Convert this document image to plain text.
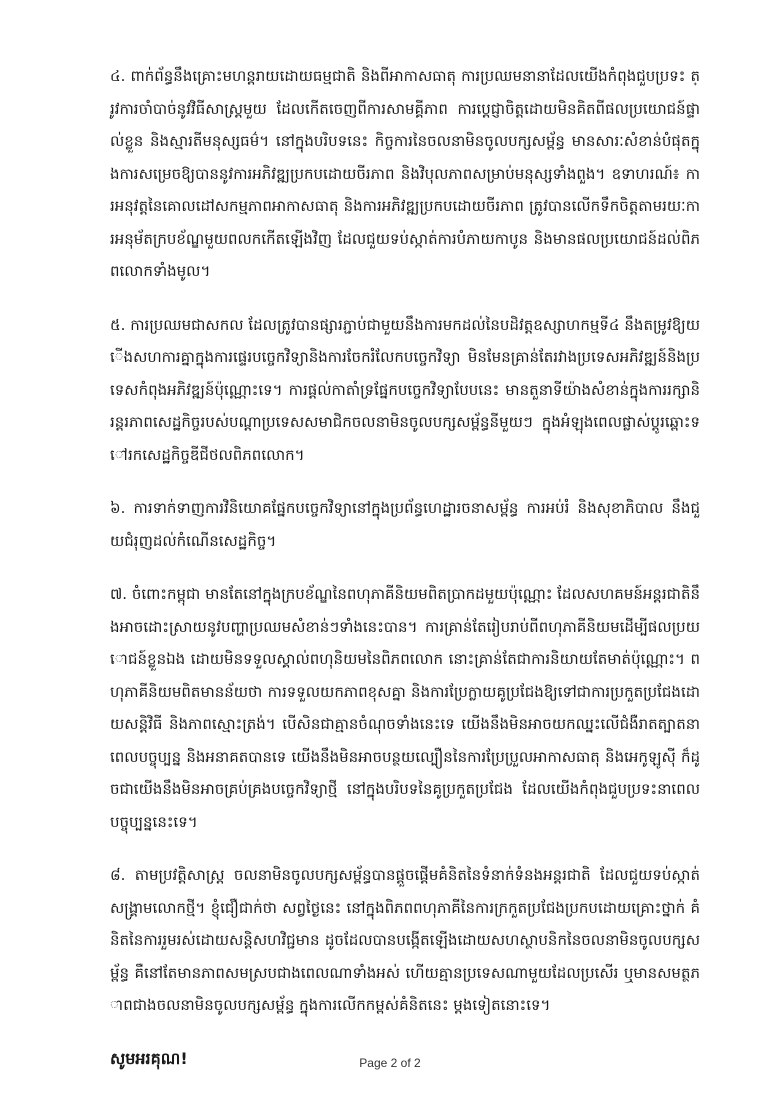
៤. ពាក់ព័ន្ធនឹងគ្រោះមហន្តរាយដោយធម្មជាតិ និងពីអាកាសធាតុ ការប្រឈមនានាដែលយើងកំពុងជួបប្រទះ ត្រូវការចាំបាច់នូវវិធីសាស្ត្រមួយ ដែលកើតចេញពីការសាមគ្គីភាព ការប្តេជ្ញាចិត្តដោយមិនគិតពីផលប្រយោជន៍ផ្ទាល់ខ្លួន និងស្មារតីមនុស្សធម៌។ នៅក្នុងបរិបទនេះ កិច្ចការនៃចលនាមិនចូលបក្សសម្ព័ន្ធ មានសារៈសំខាន់បំផុតក្នុងការសម្រេចឱ្យបាននូវការអភិវឌ្ឍប្រកបដោយចីរភាព និងវិបុលភាពសម្រាប់មនុស្សទាំងពួង។ ឧទាហរណ៍៖ ការអនុវត្តនៃគោលដៅសកម្មភាពអាកាសធាតុ និងការអភិវឌ្ឍប្រកបដោយចីរភាព ត្រូវបានលើកទឹកចិត្តតាមរយៈការអនុម័តក្របខ័ណ្ឌមួយពលកកើតឡើងវិញ ដែលជួយទប់ស្កាត់ការបំភាយកាបូន និងមានផលប្រយោជន៍ដល់ពិភពលោកទាំងមូល។

៥. ការប្រឈមជាសកល ដែលត្រូវបានផ្សារភ្ជាប់ជាមួយនឹងការមកដល់នៃបដិវត្តឧស្សាហកម្មទី៤ នឹងតម្រូវឱ្យយើងសហការគ្នាក្នុងការផ្ទេរបច្ចេកវិទ្យានិងការចែករំលែកបច្ចេកវិទ្យា មិនមែនគ្រាន់តែរវាងប្រទេសអភិវឌ្ឍន៍និងប្រទេសកំពុងអភិវឌ្ឍន៍ប៉ុណ្ណោះទេ។ ការផ្តល់កាតាំទ្រផ្នែកបច្ចេកវិទ្យាបែបនេះ មានតួនាទីយ៉ាងសំខាន់ក្នុងការរក្សានិរន្តរភាពសេដ្ឋកិច្ចរបស់បណ្តាប្រទេសសមាជិកចលនាមិនចូលបក្សសម្ព័ន្ធនីមួយៗ ក្នុងអំឡុងពេលផ្លាស់ប្តូរឆ្ពោះទៅរកសេដ្ឋកិច្ចឌីជីថលពិភពលោក។

៦. ការទាក់ទាញការវិនិយោគផ្នែកបច្ចេកវិទ្យានៅក្នុងប្រព័ន្ធហេដ្ឋារចនាសម្ព័ន្ធ ការអប់រំ និងសុខាភិបាល នឹងជួយជំរុញដល់កំណើនសេដ្ឋកិច្ច។

៧. ចំពោះកម្ពុជា មានតែនៅក្នុងក្របខ័ណ្ឌនៃពហុភាគីនិយមពិតប្រាកដមួយប៉ុណ្ណោះ ដែលសហគមន៍អន្តរជាតិនឹងអាចដោះស្រាយនូវបញ្ហាប្រឈមសំខាន់ៗទាំងនេះបាន។ ការគ្រាន់តែរៀបរាប់ពីពហុភាគីនិយមដើម្បីផលប្រយោជន៍ខ្លួនឯង ដោយមិនទទួលស្គាល់ពហុនិយមនៃពិភពលោក នោះគ្រាន់តែជាការនិយាយតែមាត់ប៉ុណ្ណោះ។ ពហុភាគីនិយមពិតមានន័យថា ការទទួលយកភាពខុសគ្នា និងការប្រែក្លាយគូប្រជែងឱ្យទៅជាការប្រកួតប្រជែងដោយសន្តិវិធី និងភាពស្មោះត្រង់។ បើសិនជាគ្មានចំណុចទាំងនេះទេ យើងនឹងមិនអាចយកឈ្នះលើជំងឺរាតត្បាតនាពេលបច្ចុប្បន្ន និងអនាគតបានទេ យើងនឹងមិនអាចបន្ថយល្បឿននៃការប្រែប្រួលអាកាសធាតុ និងអេកូឡូស៊ី ក៏ដូចជាយើងនឹងមិនអាចគ្រប់គ្រងបច្ចេកវិទ្យាថ្មី នៅក្នុងបរិបទនៃគូប្រកួតប្រជែង ដែលយើងកំពុងជួបប្រទះនាពេលបច្ចុប្បន្ននេះទេ។

៨. តាមប្រវត្តិសាស្ត្រ ចលនាមិនចូលបក្សសម្ព័ន្ធបានផ្តួចផ្តើមគំនិតនៃទំនាក់ទំនងអន្តរជាតិ ដែលជួយទប់ស្កាត់សង្គ្រាមលោកថ្មី។ ខ្ញុំជឿជាក់ថា សព្វថ្ងៃនេះ នៅក្នុងពិភពពហុភាគីនៃការក្រកួតប្រជែងប្រកបដោយគ្រោះថ្នាក់ គំនិតនៃការរួមរស់ដោយសន្តិសហវិជ្ជមាន ដូចដែលបានបង្កើតឡើងដោយសហស្ថាបនិកនៃចលនាមិនចូលបក្សសម្ព័ន្ធ គឺនៅតែមានភាពសមស្របជាងពេលណាទាំងអស់ ហើយគ្មានប្រទេសណាមួយដែលប្រសើរ ឬមានសមត្ថភាពជាងចលនាមិនចូលបក្សសម្ព័ន្ធ ក្នុងការលើកកម្ពស់គំនិតនេះ ម្តងទៀតនោះទេ។

សូមអរគុណ!	Page 2 of 2
